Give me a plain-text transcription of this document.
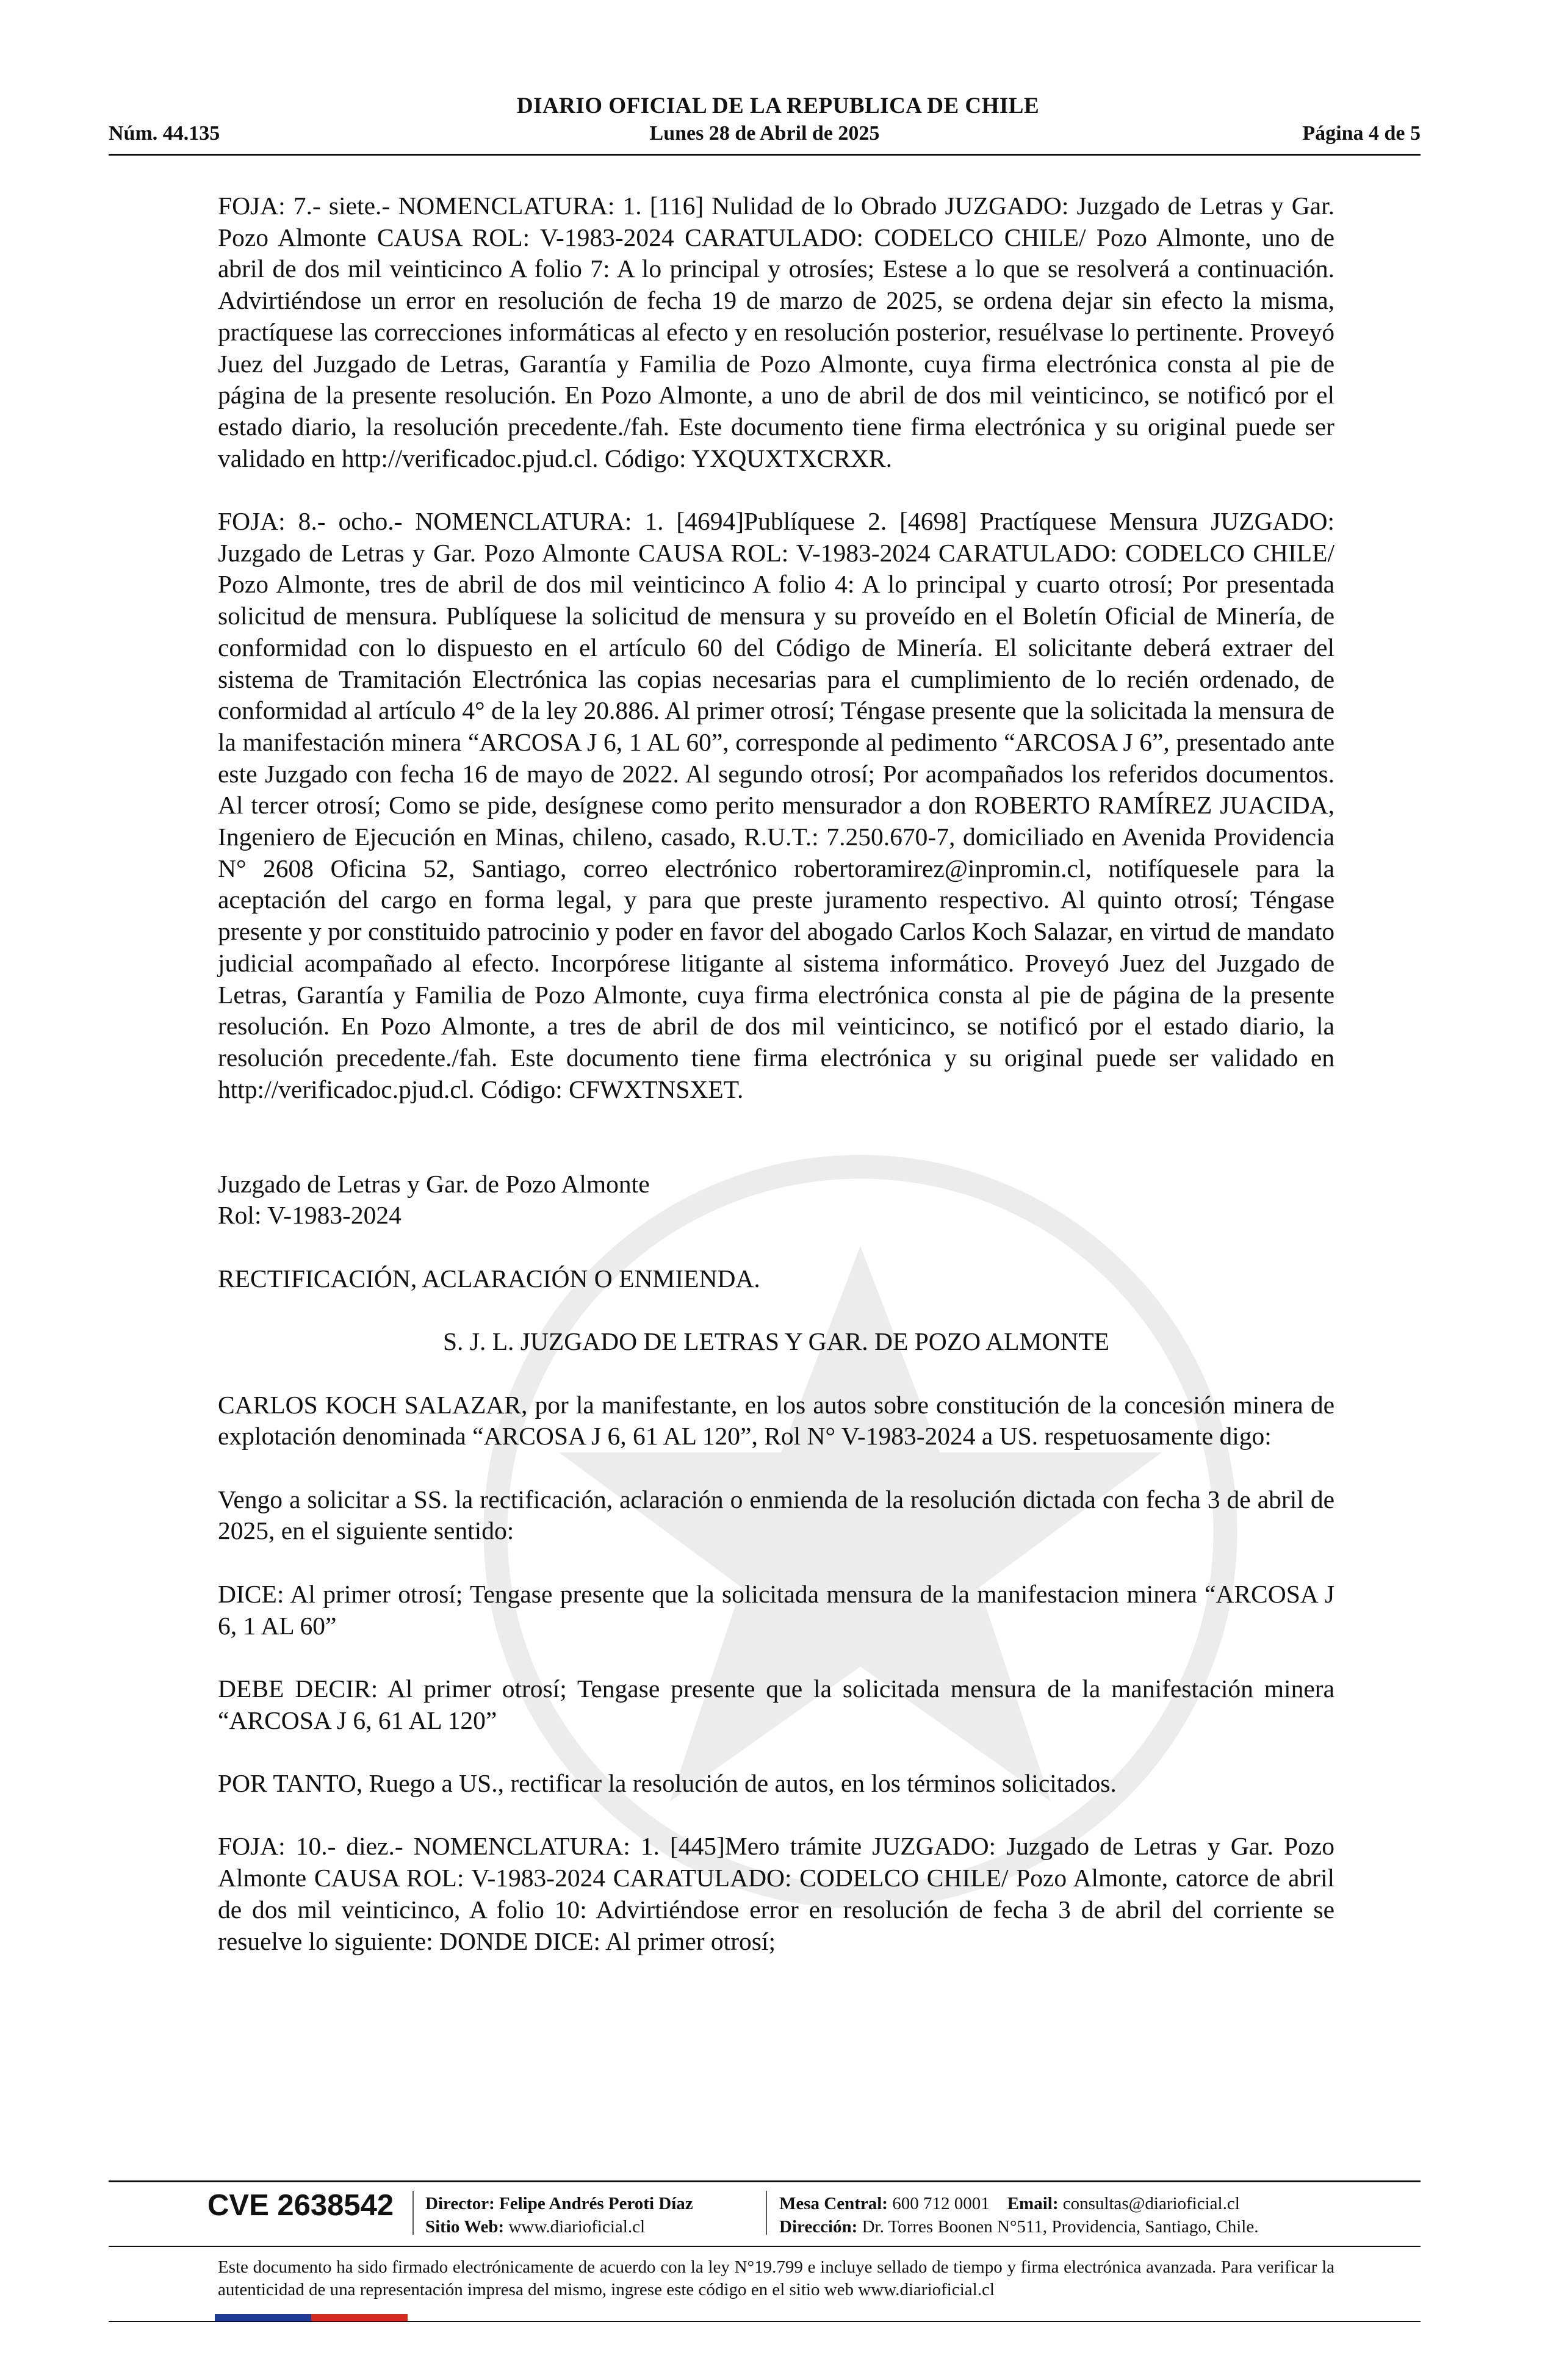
DIARIO OFICIAL DE LA REPUBLICA DE CHILE
Lunes 28 de Abril de 2025
Núm. 44.135	Página 4 de 5

FOJA: 7.- siete.- NOMENCLATURA: 1. [116] Nulidad de lo Obrado JUZGADO: Juzgado de Letras y Gar. Pozo Almonte CAUSA ROL: V-1983-2024 CARATULADO: CODELCO CHILE/ Pozo Almonte, uno de abril de dos mil veinticinco A folio 7: A lo principal y otrosíes; Estese a lo que se resolverá a continuación. Advirtiéndose un error en resolución de fecha 19 de marzo de 2025, se ordena dejar sin efecto la misma, practíquese las correcciones informáticas al efecto y en resolución posterior, resuélvase lo pertinente. Proveyó Juez del Juzgado de Letras, Garantía y Familia de Pozo Almonte, cuya firma electrónica consta al pie de página de la presente resolución. En Pozo Almonte, a uno de abril de dos mil veinticinco, se notificó por el estado diario, la resolución precedente./fah. Este documento tiene firma electrónica y su original puede ser validado en http://verificadoc.pjud.cl. Código: YXQUXTXCRXR.

FOJA: 8.- ocho.- NOMENCLATURA: 1. [4694]Publíquese 2. [4698] Practíquese Mensura JUZGADO: Juzgado de Letras y Gar. Pozo Almonte CAUSA ROL: V-1983-2024 CARATULADO: CODELCO CHILE/ Pozo Almonte, tres de abril de dos mil veinticinco A folio 4: A lo principal y cuarto otrosí; Por presentada solicitud de mensura. Publíquese la solicitud de mensura y su proveído en el Boletín Oficial de Minería, de conformidad con lo dispuesto en el artículo 60 del Código de Minería. El solicitante deberá extraer del sistema de Tramitación Electrónica las copias necesarias para el cumplimiento de lo recién ordenado, de conformidad al artículo 4° de la ley 20.886. Al primer otrosí; Téngase presente que la solicitada la mensura de la manifestación minera “ARCOSA J 6, 1 AL 60”, corresponde al pedimento “ARCOSA J 6”, presentado ante este Juzgado con fecha 16 de mayo de 2022. Al segundo otrosí; Por acompañados los referidos documentos. Al tercer otrosí; Como se pide, desígnese como perito mensurador a don ROBERTO RAMÍREZ JUACIDA, Ingeniero de Ejecución en Minas, chileno, casado, R.U.T.: 7.250.670-7, domiciliado en Avenida Providencia N° 2608 Oficina 52, Santiago, correo electrónico robertoramirez@inpromin.cl, notifíquesele para la aceptación del cargo en forma legal, y para que preste juramento respectivo. Al quinto otrosí; Téngase presente y por constituido patrocinio y poder en favor del abogado Carlos Koch Salazar, en virtud de mandato judicial acompañado al efecto. Incorpórese litigante al sistema informático. Proveyó Juez del Juzgado de Letras, Garantía y Familia de Pozo Almonte, cuya firma electrónica consta al pie de página de la presente resolución. En Pozo Almonte, a tres de abril de dos mil veinticinco, se notificó por el estado diario, la resolución precedente./fah. Este documento tiene firma electrónica y su original puede ser validado en http://verificadoc.pjud.cl. Código: CFWXTNSXET.

Juzgado de Letras y Gar. de Pozo Almonte
Rol: V-1983-2024

RECTIFICACIÓN, ACLARACIÓN O ENMIENDA.

S. J. L. JUZGADO DE LETRAS Y GAR. DE POZO ALMONTE

CARLOS KOCH SALAZAR, por la manifestante, en los autos sobre constitución de la concesión minera de explotación denominada “ARCOSA J 6, 61 AL 120”, Rol N° V-1983-2024 a US. respetuosamente digo:

Vengo a solicitar a SS. la rectificación, aclaración o enmienda de la resolución dictada con fecha 3 de abril de 2025, en el siguiente sentido:

DICE: Al primer otrosí; Tengase presente que la solicitada mensura de la manifestacion minera “ARCOSA J 6, 1 AL 60”

DEBE DECIR: Al primer otrosí; Tengase presente que la solicitada mensura de la manifestación minera “ARCOSA J 6, 61 AL 120”

POR TANTO, Ruego a US., rectificar la resolución de autos, en los términos solicitados.

FOJA: 10.- diez.- NOMENCLATURA: 1. [445]Mero trámite JUZGADO: Juzgado de Letras y Gar. Pozo Almonte CAUSA ROL: V-1983-2024 CARATULADO: CODELCO CHILE/ Pozo Almonte, catorce de abril de dos mil veinticinco, A folio 10: Advirtiéndose error en resolución de fecha 3 de abril del corriente se resuelve lo siguiente: DONDE DICE: Al primer otrosí;

CVE 2638542 Director: Felipe Andrés Peroti Díaz
Sitio Web: www.diarioficial.cl
Mesa Central: 600 712 0001 Email: consultas@diarioficial.cl
Dirección: Dr. Torres Boonen N°511, Providencia, Santiago, Chile.
Este documento ha sido firmado electrónicamente de acuerdo con la ley N°19.799 e incluye sellado de tiempo y firma electrónica avanzada. Para verificar la autenticidad de una representación impresa del mismo, ingrese este código en el sitio web www.diarioficial.cl
